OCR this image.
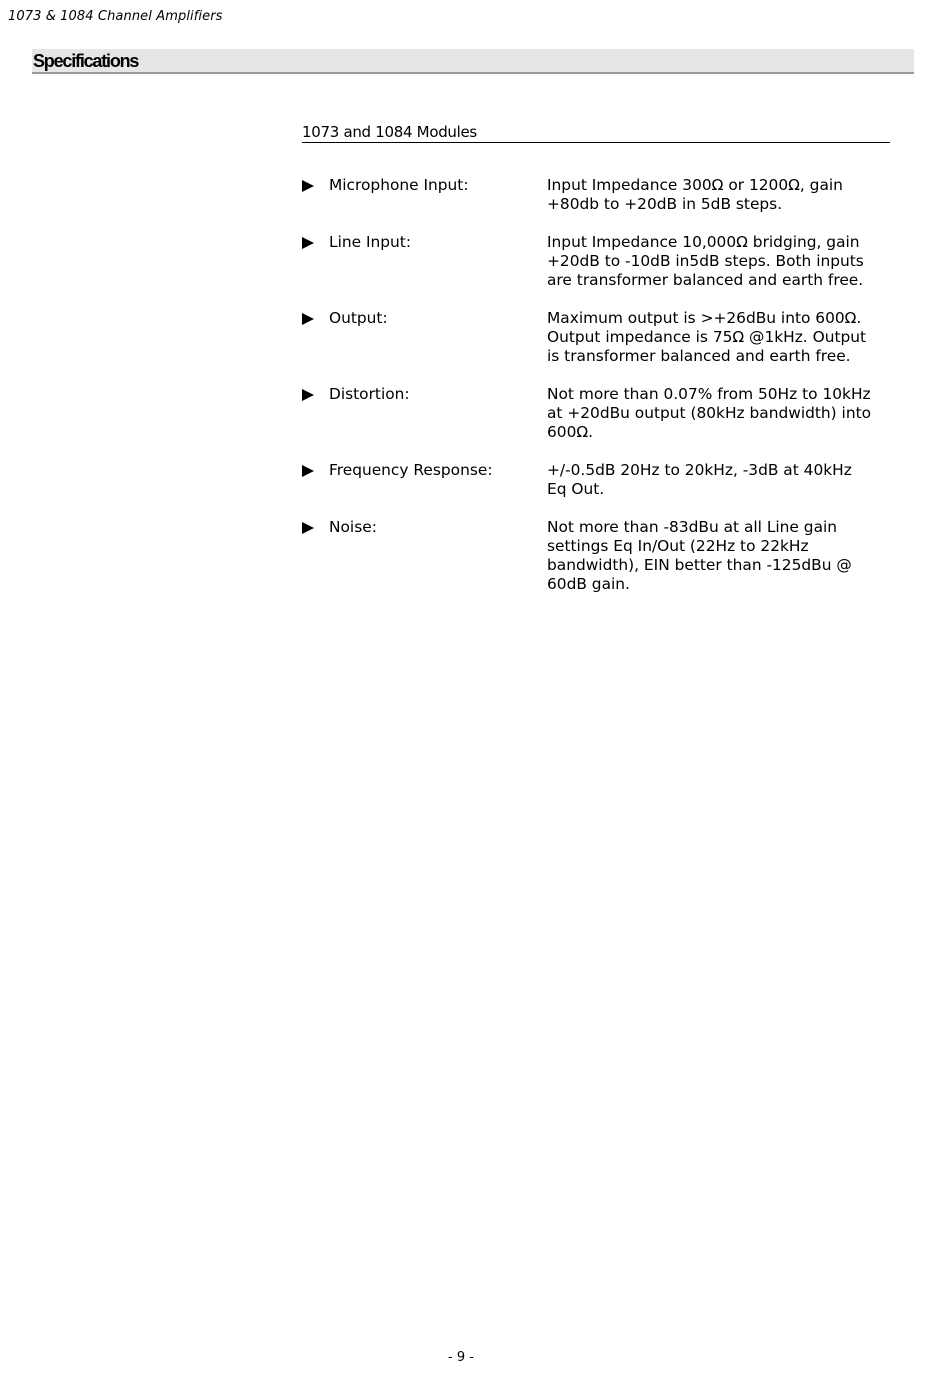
1073 & 1084 Channel Amplifiers
Specifications
1073 and 1084 Modules
Microphone Input:	Input Impedance 300Ω or 1200Ω, gain
+80db to +20dB in 5dB steps.
Line Input:	Input Impedance 10,000Ω bridging, gain
+20dB to -10dB in5dB steps. Both inputs
are transformer balanced and earth free.
Output:	Maximum output is >+26dBu into 600Ω.
Output impedance is 75Ω @1kHz. Output
is transformer balanced and earth free.
Distortion:	Not more than 0.07% from 50Hz to 10kHz
at +20dBu output (80kHz bandwidth) into
600Ω.
Frequency Response:	+/-0.5dB 20Hz to 20kHz, -3dB at 40kHz
Eq Out.
Noise:	Not more than -83dBu at all Line gain
settings Eq In/Out (22Hz to 22kHz
bandwidth), EIN better than -125dBu @
60dB gain.
- 9 -
